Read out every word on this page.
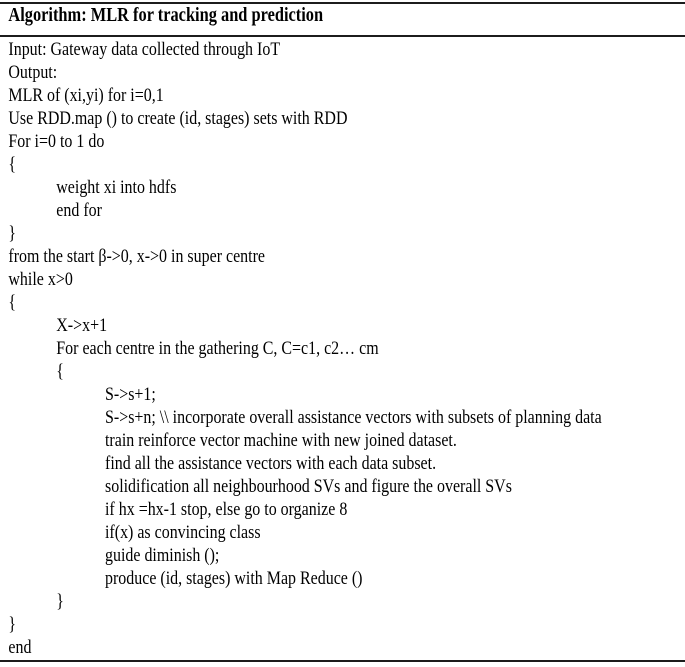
Algorithm: MLR for tracking and prediction
Input: Gateway data collected through IoT
Output:
MLR of (xi,yi) for i=0,1
Use RDD.map () to create (id, stages) sets with RDD
For i=0 to 1 do
{
weight xi into hdfs
end for
}
from the start β->0, x->0 in super centre
while x>0
{
X->x+1
For each centre in the gathering C, C=c1, c2… cm
{
S->s+1;
S->s+n; \\ incorporate overall assistance vectors with subsets of planning data
train reinforce vector machine with new joined dataset.
find all the assistance vectors with each data subset.
solidification all neighbourhood SVs and figure the overall SVs
if hx =hx-1 stop, else go to organize 8
if(x) as convincing class
guide diminish ();
produce (id, stages) with Map Reduce ()
}
}
end
